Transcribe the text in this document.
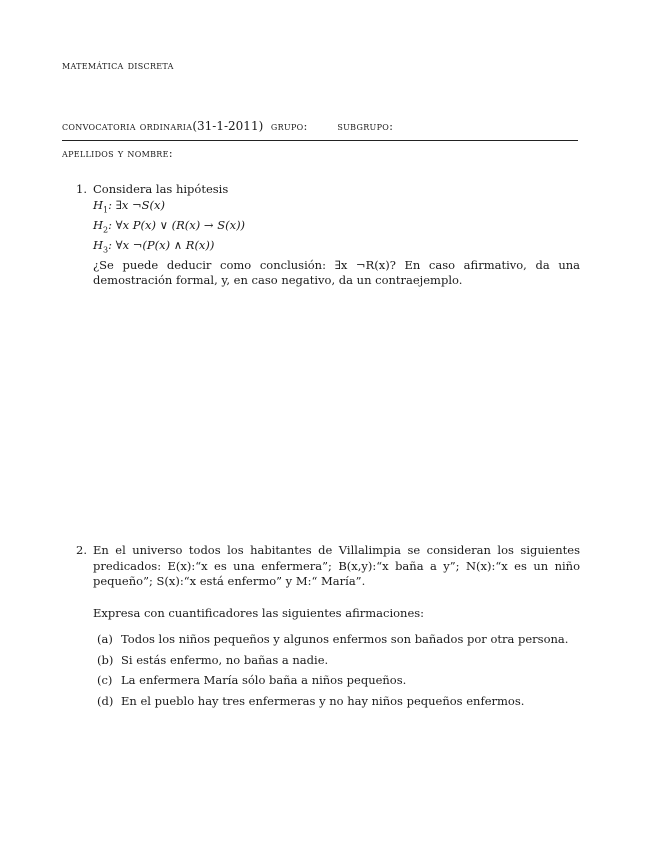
matemática discreta
convocatoria ordinaria(31-1-2011) grupo:	subgrupo:
apellidos y nombre:
1. Considera las hipótesis
$H_1$: ∃x ¬S(x)
$H_2$: ∀x P(x) ∨ (R(x) → S(x))
$H_3$: ∀x ¬(P(x) ∧ R(x))
¿Se puede deducir como conclusión: ∃x ¬R(x)? En caso afirmativo, da una demostración formal, y, en caso negativo, da un contraejemplo.
2. En el universo todos los habitantes de Villalimpia se consideran los siguientes predicados: E(x):“x es una enfermera”; B(x,y):“x baña a y”; N(x):“x es un niño pequeño”; S(x):“x está enfermo” y M:“ María”.
Expresa con cuantificadores las siguientes afirmaciones:
(a) Todos los niños pequeños y algunos enfermos son bañados por otra persona.
(b) Si estás enfermo, no bañas a nadie.
(c) La enfermera María sólo baña a niños pequeños.
(d) En el pueblo hay tres enfermeras y no hay niños pequeños enfermos.
